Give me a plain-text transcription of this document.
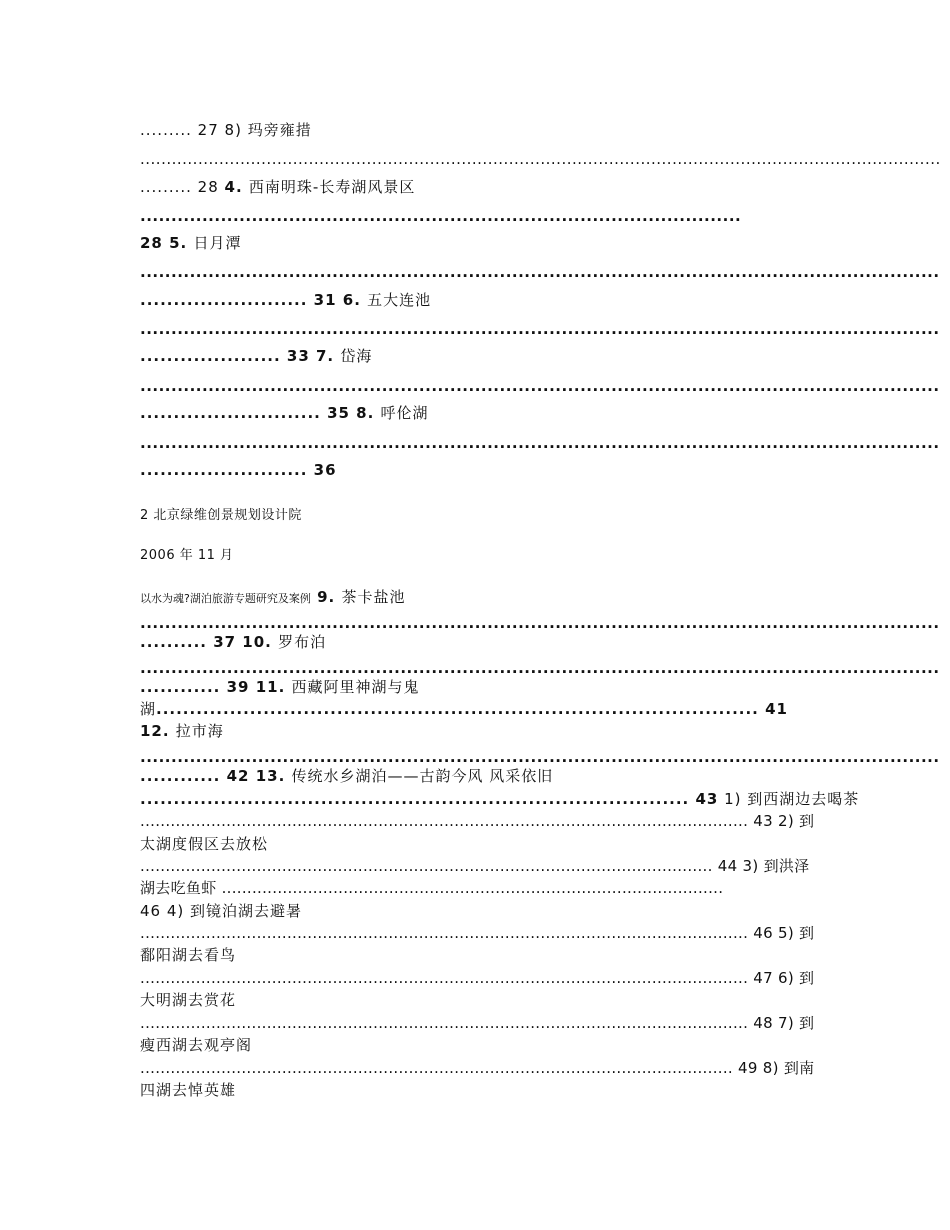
......... 27 8) 玛旁雍措
........................................................................................................................................................
......... 28 4. 西南明珠-长寿湖风景区
.................................................................................................
28 5. 日月潭
.................................................................................................................................
......................... 31 6. 五大连池
.................................................................................................................................
..................... 33 7. 岱海
.................................................................................................................................
........................... 35 8. 呼伦湖
.................................................................................................................................
......................... 36
2 北京绿维创景规划设计院
2006 年 11 月
以水为魂?湖泊旅游专题研究及案例 9. 茶卡盐池
.................................................................................................................................
.......... 37 10. 罗布泊
.................................................................................................................................
............ 39 11. 西藏阿里神湖与鬼
湖.......................................................................................... 41
12. 拉市海
.................................................................................................................................
............ 42 13. 传统水乡湖泊——古韵今风 风采依旧
.................................................................................. 43 1) 到西湖边去喝茶
........................................................................................................................ 43 2) 到
太湖度假区去放松
................................................................................................................. 44 3) 到洪泽
湖去吃鱼虾 ...................................................................................................
46 4) 到镜泊湖去避暑
........................................................................................................................ 46 5) 到
鄱阳湖去看鸟
........................................................................................................................ 47 6) 到
大明湖去赏花
........................................................................................................................ 48 7) 到
瘦西湖去观亭阁
..................................................................................................................... 49 8) 到南
四湖去悼英雄
